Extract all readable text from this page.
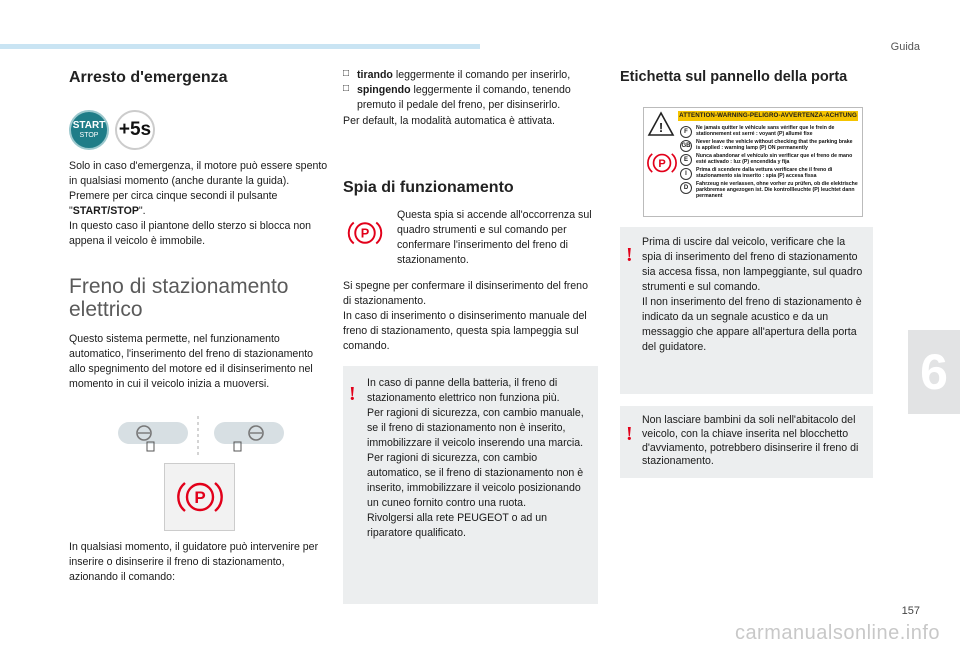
Guida
6
157
carmanualsonline.info
Arresto d'emergenza
START
STOP +5s

Solo in caso d'emergenza, il motore può essere spento in qualsiasi momento (anche durante la guida).

Premere per circa cinque secondi il pulsante "START/STOP".

In questo caso il piantone dello sterzo si blocca non appena il veicolo è immobile.

Freno di stazionamento elettrico

Questo sistema permette, nel funzionamento automatico, l'inserimento del freno di stazionamento allo spegnimento del motore ed il disinserimento nel momento in cui il veicolo inizia a muoversi.

P

In qualsiasi momento, il guidatore può intervenire per inserire o disinserire il freno di stazionamento, azionando il comando:

□ tirando leggermente il comando per inserirlo,
□ spingendo leggermente il comando, tenendo premuto il pedale del freno, per disinserirlo.

Per default, la modalità automatica è attivata.

Spia di funzionamento
P

Questa spia si accende all'occorrenza sul quadro strumenti e sul comando per confermare l'inserimento del freno di stazionamento.

Si spegne per confermare il disinserimento del freno di stazionamento.

In caso di inserimento o disinserimento manuale del freno di stazionamento, questa spia lampeggia sul comando.

! In caso di panne della batteria, il freno di stazionamento elettrico non funziona più.

Per ragioni di sicurezza, con cambio manuale, se il freno di stazionamento non è inserito, immobilizzare il veicolo inserendo una marcia.

Per ragioni di sicurezza, con cambio automatico, se il freno di stazionamento non è inserito, immobilizzare il veicolo posizionando un cuneo fornito contro una ruota.

Rivolgersi alla rete PEUGEOT o ad un riparatore qualificato.

Etichetta sul pannello della porta
!
ATTENTION-WARNING-PELIGRO-AVVERTENZA-ACHTUNG
P
F
Ne jamais quitter le véhicule sans vérifier que le frein de stationnement est serré : voyant (P) allumé fixe
GB
Never leave the vehicle without checking that the parking brake is applied : warning lamp (P) ON permanently
E
Nunca abandonar el vehículo sin verificar que el freno de mano esté activado : luz (P) encendida y fija
I
Prima di scendere dalla vettura verificare che il freno di stazionamento sia inserito : spia (P) accesa fissa
D
Fahrzeug nie verlassen, ohne vorher zu prüfen, ob die elektrische parkbremse angezogen ist. Die kontrollleuchte (P) leuchtet dann permanent
!

Prima di uscire dal veicolo, verificare che la spia di inserimento del freno di stazionamento sia accesa fissa, non lampeggiante, sul quadro strumenti e sul comando.

Il non inserimento del freno di stazionamento è indicato da un segnale acustico e da un messaggio che appare all'apertura della porta del guidatore.

!

Non lasciare bambini da soli nell'abitacolo del veicolo, con la chiave inserita nel blocchetto d'avviamento, potrebbero disinserire il freno di stazionamento.
